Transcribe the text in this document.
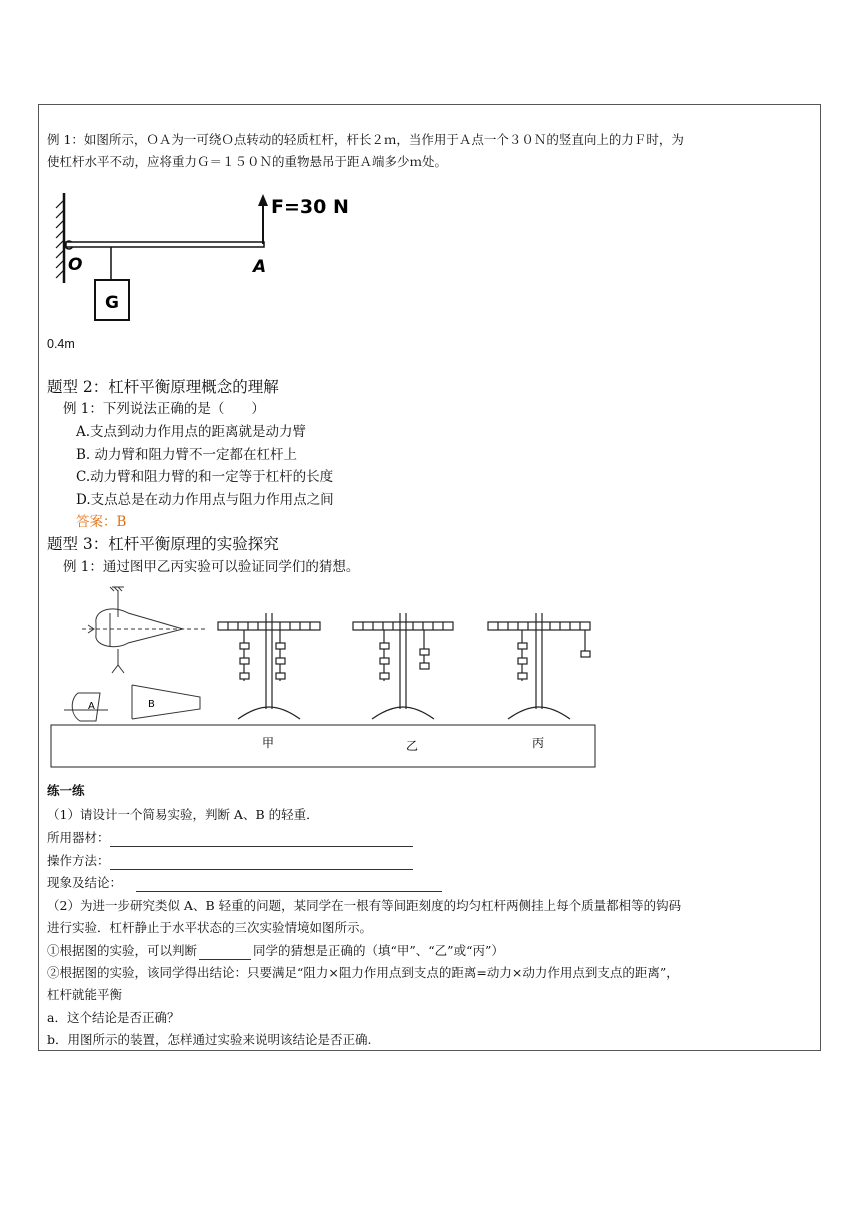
例 1：如图所示，ＯＡ为一可绕Ｏ点转动的轻质杠杆，杆长２ｍ，当作用于Ａ点一个３０Ｎ的竖直向上的力Ｆ时，为
使杠杆水平不动，应将重力Ｇ＝１５０Ｎ的重物悬吊于距Ａ端多少ｍ处。
F=30 N
O	A
G
0.4m
题型 2：杠杆平衡原理概念的理解
例 1：下列说法正确的是（　　）
A.支点到动力作用点的距离就是动力臂
B. 动力臂和阻力臂不一定都在杠杆上
C.动力臂和阻力臂的和一定等于杠杆的长度
D.支点总是在动力作用点与阻力作用点之间
答案：B
题型 3：杠杆平衡原理的实验探究
例 1：通过图甲乙丙实验可以验证同学们的猜想。
A	B
甲	乙	丙
练一练
（1）请设计一个简易实验，判断 A、B 的轻重．
所用器材：
操作方法：
现象及结论：
（2）为进一步研究类似 A、B 轻重的问题，某同学在一根有等间距刻度的均匀杠杆两侧挂上每个质量都相等的钩码
进行实验．杠杆静止于水平状态的三次实验情境如图所示。
①根据图的实验，可以判断	同学的猜想是正确的（填“甲”、“乙”或“丙”）
②根据图的实验，该同学得出结论：只要满足“阻力×阻力作用点到支点的距离=动力×动力作用点到支点的距离”，
杠杆就能平衡
a．这个结论是否正确？
b．用图所示的装置，怎样通过实验来说明该结论是否正确.
